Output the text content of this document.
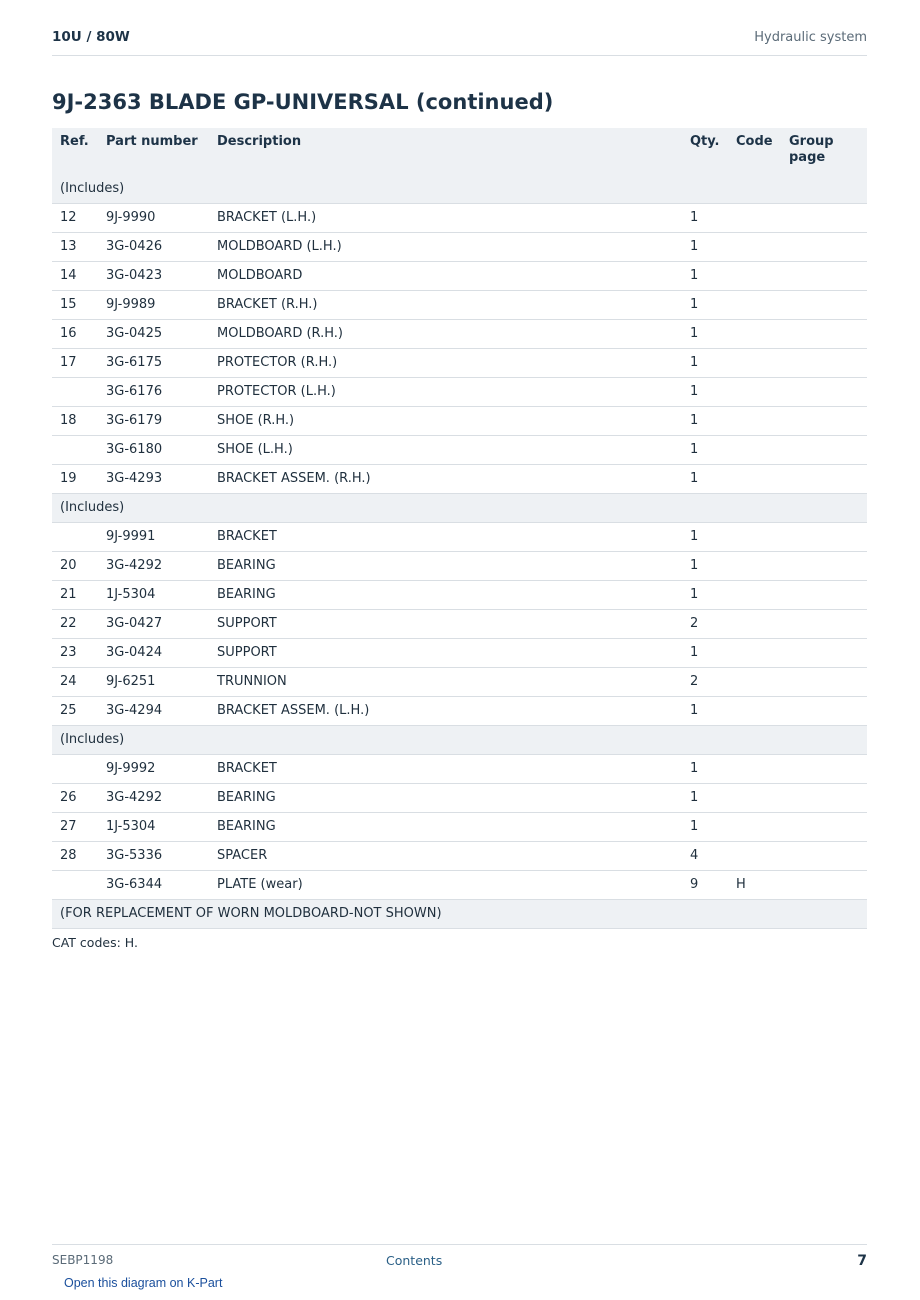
10U / 80W	Hydraulic system
9J-2363 BLADE GP-UNIVERSAL (continued)
Ref.	Part number	Description	Qty.	Code	Group page
(Includes)					
12	9J-9990	BRACKET (L.H.)	1		
13	3G-0426	MOLDBOARD (L.H.)	1		
14	3G-0423	MOLDBOARD	1		
15	9J-9989	BRACKET (R.H.)	1		
16	3G-0425	MOLDBOARD (R.H.)	1		
17	3G-6175	PROTECTOR (R.H.)	1		
	3G-6176	PROTECTOR (L.H.)	1		
18	3G-6179	SHOE (R.H.)	1		
	3G-6180	SHOE (L.H.)	1		
19	3G-4293	BRACKET ASSEM. (R.H.)	1		
(Includes)					
	9J-9991	BRACKET	1		
20	3G-4292	BEARING	1		
21	1J-5304	BEARING	1		
22	3G-0427	SUPPORT	2		
23	3G-0424	SUPPORT	1		
24	9J-6251	TRUNNION	2		
25	3G-4294	BRACKET ASSEM. (L.H.)	1		
(Includes)					
	9J-9992	BRACKET	1		
26	3G-4292	BEARING	1		
27	1J-5304	BEARING	1		
28	3G-5336	SPACER	4		
	3G-6344	PLATE (wear)	9	H	
(FOR REPLACEMENT OF WORN MOLDBOARD-NOT SHOWN)					
CAT codes: H.
SEBP1198	Contents	7
Open this diagram on K-Part
